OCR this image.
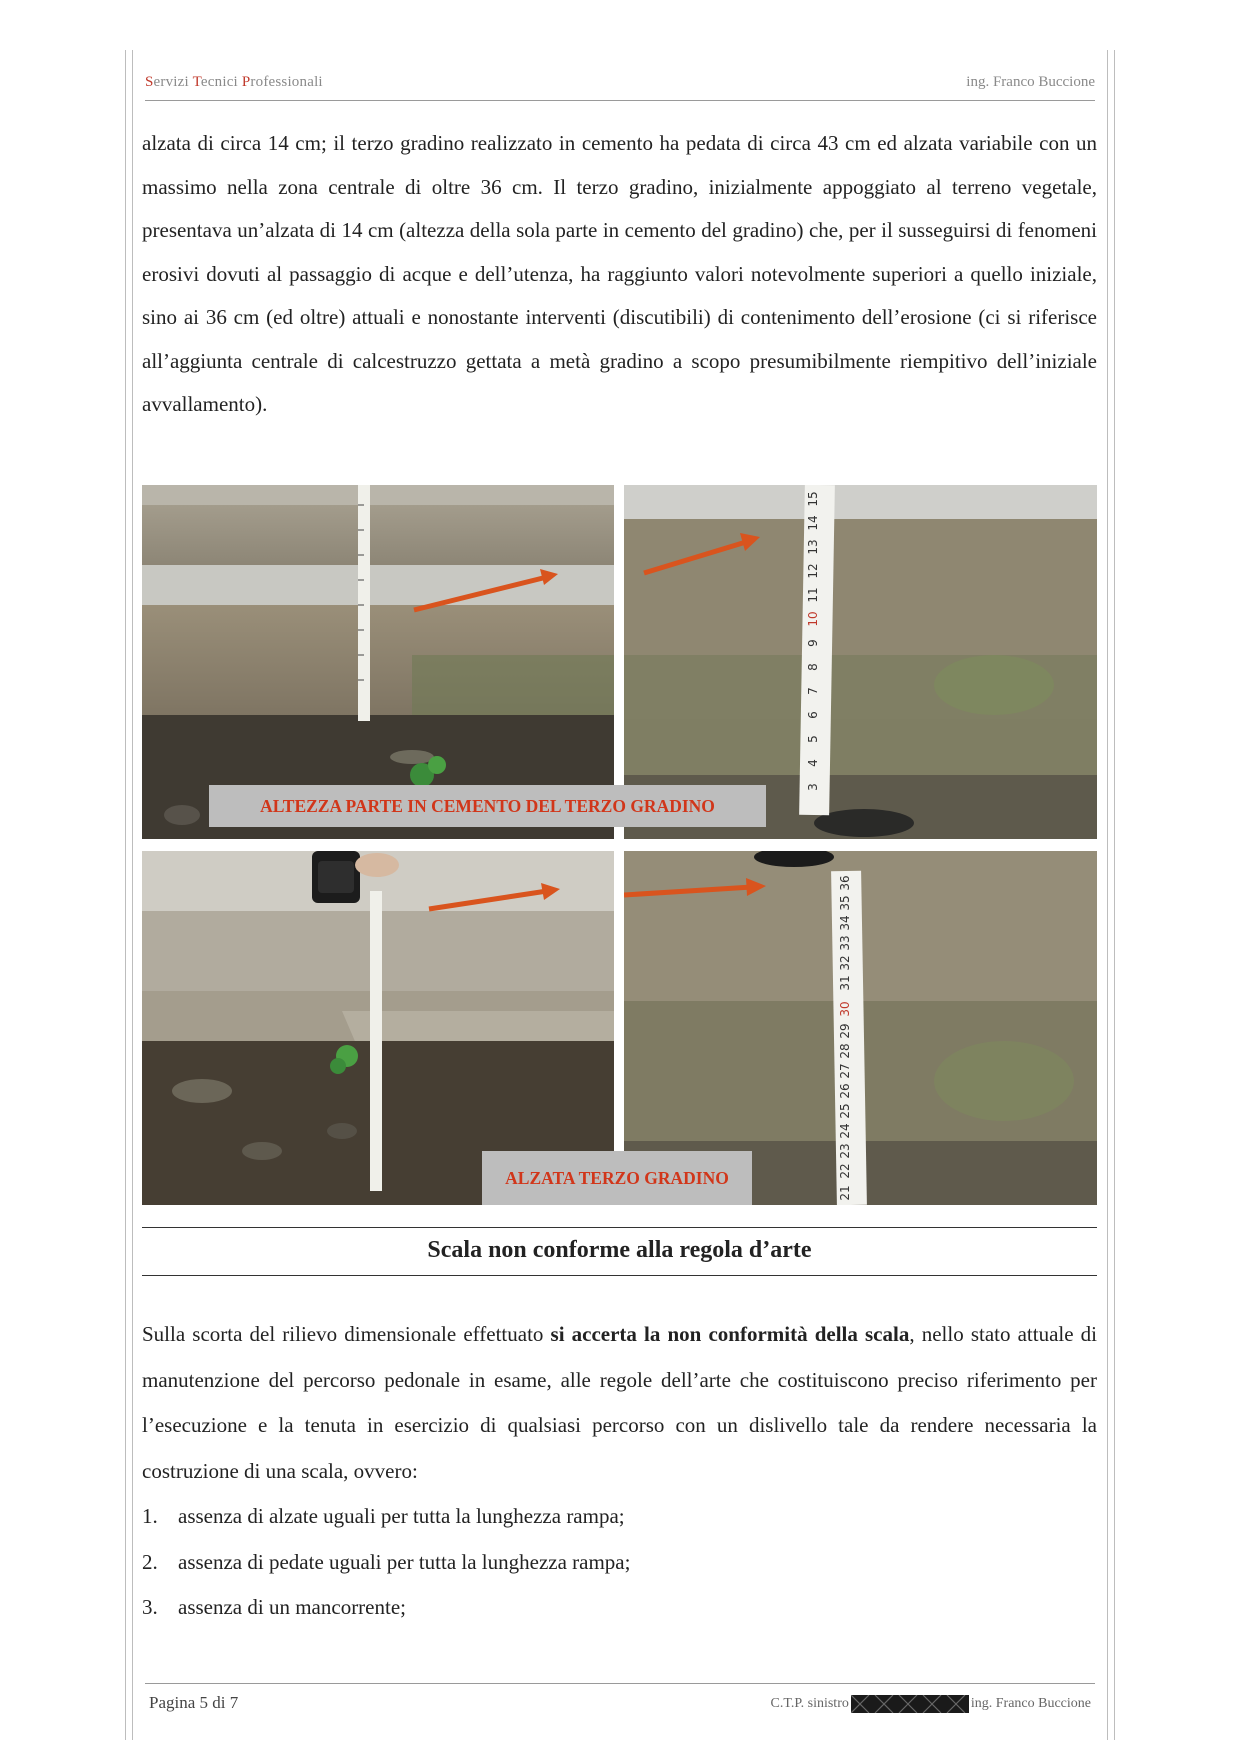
Servizi Tecnici Professionali	ing. Franco Buccione

alzata di circa 14 cm; il terzo gradino realizzato in cemento ha pedata di circa 43 cm ed alzata variabile con un massimo nella zona centrale di oltre 36 cm. Il terzo gradino, inizialmente appoggiato al terreno vegetale, presentava un’alzata di 14 cm (altezza della sola parte in cemento del gradino) che, per il susseguirsi di fenomeni erosivi dovuti al passaggio di acque e dell’utenza, ha raggiunto valori notevolmente superiori a quello iniziale, sino ai 36 cm (ed oltre) attuali e nonostante interventi (discutibili) di contenimento dell’erosione (ci si riferisce all’aggiunta centrale di calcestruzzo gettata a metà gradino a scopo presumibilmente riempitivo dell’iniziale avvallamento).

15
14
13
12
11
10
9
8
7
6
5
4
3
36
35
34
33
32
31
30
29
28
27
26
25
24
23
22
21
ALTEZZA PARTE IN CEMENTO DEL TERZO GRADINO
ALZATA TERZO GRADINO
Scala non conforme alla regola d’arte

Sulla scorta del rilievo dimensionale effettuato si accerta la non conformità della scala, nello stato attuale di manutenzione del percorso pedonale in esame, alle regole dell’arte che costituiscono preciso riferimento per l’esecuzione e la tenuta in esercizio di qualsiasi percorso con un dislivello tale da rendere necessaria la costruzione di una scala, ovvero:

1. assenza di alzate uguali per tutta la lunghezza rampa;
2. assenza di pedate uguali per tutta la lunghezza rampa;
3. assenza di un mancorrente;
Pagina 5 di 7	C.T.P. sinistro	ing. Franco Buccione
